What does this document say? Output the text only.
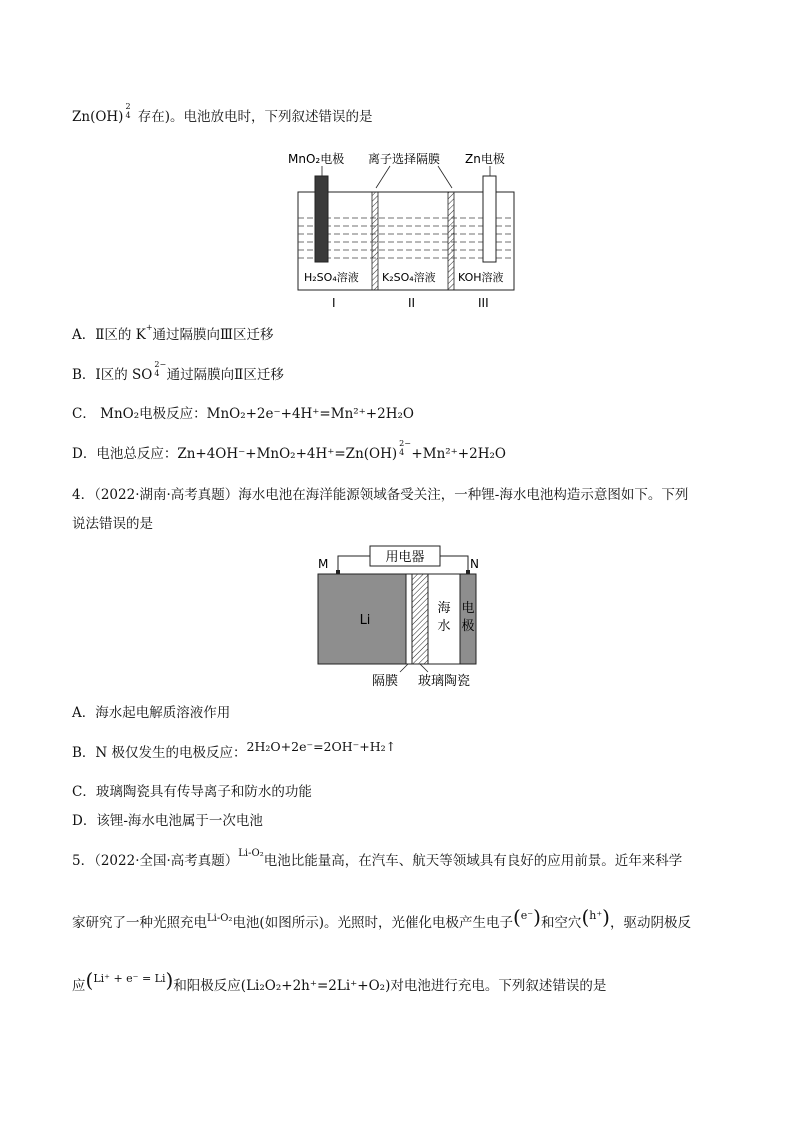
Zn(OH)
2
4 存在)。电池放电时，下列叙述错误的是
MnO₂电极 离子选择隔膜 Zn电极
H₂SO₄溶液 K₂SO₄溶液 KOH溶液
I	II	III
A．Ⅱ区的 K+通过隔膜向Ⅲ区迁移
B．Ⅰ区的 SO
2−
4 通过隔膜向Ⅱ区迁移
C． MnO₂电极反应：MnO₂+2e⁻+4H⁺=Mn²⁺+2H₂O
D．电池总反应：Zn+4OH⁻+MnO₂+4H⁺=Zn(OH)
2−
4 +Mn²⁺+2H₂O
4．（2022·湖南·高考真题）海水电池在海洋能源领域备受关注，一种锂-海水电池构造示意图如下。下列
说法错误的是
用电器
M	N
Li
海
水
电
极
隔膜 玻璃陶瓷
A．海水起电解质溶液作用
B．N 极仅发生的电极反应：2H₂O+2e⁻=2OH⁻+H₂↑
C．玻璃陶瓷具有传导离子和防水的功能
D．该锂-海水电池属于一次电池
5．（2022·全国·高考真题）$^{Li-O_2}$电池比能量高，在汽车、航天等领域具有良好的应用前景。近年来科学
家研究了一种光照充电$^{Li-O_2}$电池(如图所示)。光照时，光催化电极产生电子($^{e^-}$)和空穴($^{h^+}$)，驱动阴极反
应($^{Li^+ + e^- = Li}$)和阳极反应(Li₂O₂+2h⁺=2Li⁺+O₂)对电池进行充电。下列叙述错误的是
